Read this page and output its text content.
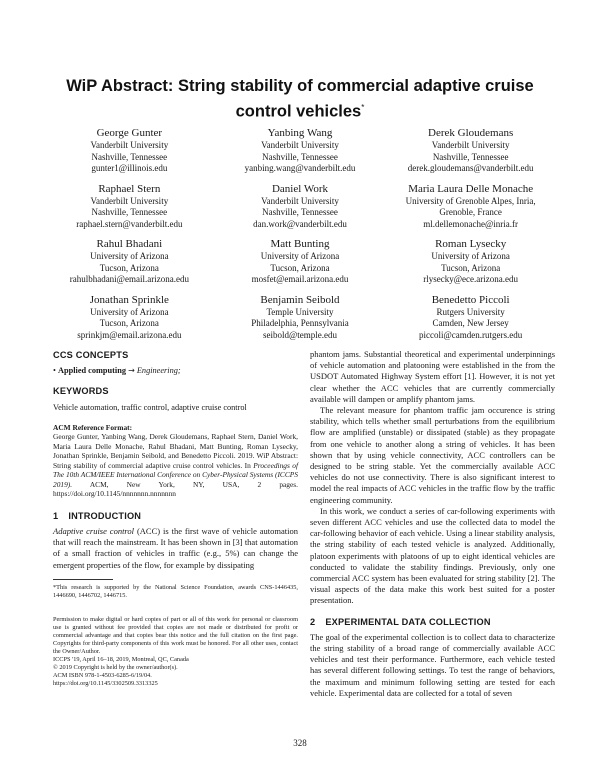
WiP Abstract: String stability of commercial adaptive cruise control vehicles*
George Gunter
Vanderbilt University
Nashville, Tennessee
gunter1@illinois.edu
Yanbing Wang
Vanderbilt University
Nashville, Tennessee
yanbing.wang@vanderbilt.edu
Derek Gloudemans
Vanderbilt University
Nashville, Tennessee
derek.gloudemans@vanderbilt.edu
Raphael Stern
Vanderbilt University
Nashville, Tennessee
raphael.stern@vanderbilt.edu
Daniel Work
Vanderbilt University
Nashville, Tennessee
dan.work@vanderbilt.edu
Maria Laura Delle Monache
University of Grenoble Alpes, Inria,
Grenoble, France
ml.dellemonache@inria.fr
Rahul Bhadani
University of Arizona
Tucson, Arizona
rahulbhadani@email.arizona.edu
Matt Bunting
University of Arizona
Tucson, Arizona
mosfet@email.arizona.edu
Roman Lysecky
University of Arizona
Tucson, Arizona
rlysecky@ece.arizona.edu
Jonathan Sprinkle
University of Arizona
Tucson, Arizona
sprinkjm@email.arizona.edu
Benjamin Seibold
Temple University
Philadelphia, Pennsylvania
seibold@temple.edu
Benedetto Piccoli
Rutgers University
Camden, New Jersey
piccoli@camden.rutgers.edu
CCS CONCEPTS
• Applied computing → Engineering;
KEYWORDS

Vehicle automation, traffic control, adaptive cruise control

ACM Reference Format:

George Gunter, Yanbing Wang, Derek Gloudemans, Raphael Stern, Daniel Work, Maria Laura Delle Monache, Rahul Bhadani, Matt Bunting, Roman Lysecky, Jonathan Sprinkle, Benjamin Seibold, and Benedetto Piccoli. 2019. WiP Abstract: String stability of commercial adaptive cruise control vehicles. In Proceedings of The 10th ACM/IEEE International Conference on Cyber-Physical Systems (ICCPS 2019). ACM, New York, NY, USA, 2 pages. https://doi.org/10.1145/nnnnnnn.nnnnnnn

1 INTRODUCTION

Adaptive cruise control (ACC) is the first wave of vehicle automation that will reach the mainstream. It has been shown in [3] that automation of a small fraction of vehicles in traffic (e.g., 5%) can change the emergent properties of the flow, for example by dissipating

*This research is supported by the National Science Foundation, awards CNS-1446435, 1446690, 1446702, 1446715.

Permission to make digital or hard copies of part or all of this work for personal or classroom use is granted without fee provided that copies are not made or distributed for profit or commercial advantage and that copies bear this notice and the full citation on the first page. Copyrights for third-party components of this work must be honored. For all other uses, contact the Owner/Author.

ICCPS '19, April 16–18, 2019, Montreal, QC, Canada
© 2019 Copyright is held by the owner/author(s).
ACM ISBN 978-1-4503-6285-6/19/04.
https://doi.org/10.1145/3302509.3313325

phantom jams. Substantial theoretical and experimental underpinnings of vehicle automation and platooning were established in the from the USDOT Automated Highway System effort [1]. However, it is not yet clear whether the ACC vehicles that are currently commercially available will dampen or amplify phantom jams.

The relevant measure for phantom traffic jam occurence is string stability, which tells whether small perturbations from the equilibrium flow are amplified (unstable) or dissipated (stable) as they propagate from one vehicle to another along a string of vehicles. It has been shown that by using vehicle connectivity, ACC controllers can be designed to be string stable. Yet the commercially available ACC vehicles do not use connectivity. There is also significant interest to model the real impacts of ACC vehicles in the traffic flow by the traffic engineering community.

In this work, we conduct a series of car-following experiments with seven different ACC vehicles and use the collected data to model the car-following behavior of each vehicle. Using a linear stability analysis, the string stability of each tested vehicle is analyzed. Additionally, platoon experiments with platoons of up to eight identical vehicles are conducted to validate the stability findings. Previously, only one commercial ACC system has been evaluated for string stability [2]. The visual aspects of the data make this work best suited for a poster presentation.

2 EXPERIMENTAL DATA COLLECTION

The goal of the experimental collection is to collect data to characterize the string stability of a broad range of commercially available ACC vehicles and test their performance. Furthermore, each vehicle tested has several different following settings. To test the range of behaviors, the maximum and minimum following setting are tested for each vehicle. Experimental data are collected for a total of seven

328
